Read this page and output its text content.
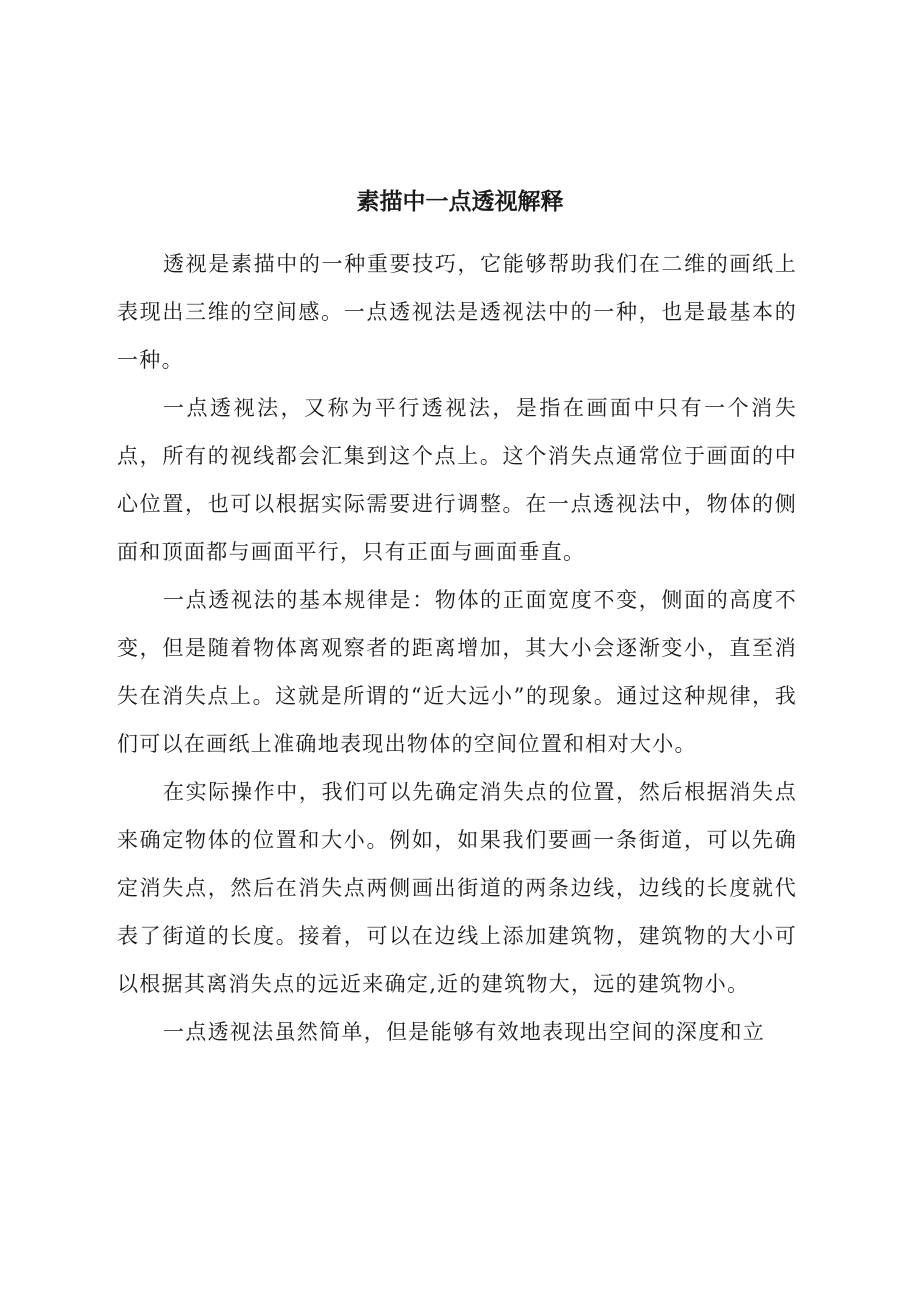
素描中一点透视解释

透视是素描中的一种重要技巧，它能够帮助我们在二维的画纸上表现出三维的空间感。一点透视法是透视法中的一种，也是最基本的一种。

一点透视法，又称为平行透视法，是指在画面中只有一个消失点，所有的视线都会汇集到这个点上。这个消失点通常位于画面的中心位置，也可以根据实际需要进行调整。在一点透视法中，物体的侧面和顶面都与画面平行，只有正面与画面垂直。

一点透视法的基本规律是：物体的正面宽度不变，侧面的高度不变，但是随着物体离观察者的距离增加，其大小会逐渐变小，直至消失在消失点上。这就是所谓的“近大远小”的现象。通过这种规律，我们可以在画纸上准确地表现出物体的空间位置和相对大小。

在实际操作中，我们可以先确定消失点的位置，然后根据消失点来确定物体的位置和大小。例如，如果我们要画一条街道，可以先确定消失点，然后在消失点两侧画出街道的两条边线，边线的长度就代表了街道的长度。接着，可以在边线上添加建筑物，建筑物的大小可以根据其离消失点的远近来确定,近的建筑物大，远的建筑物小。

一点透视法虽然简单，但是能够有效地表现出空间的深度和立
